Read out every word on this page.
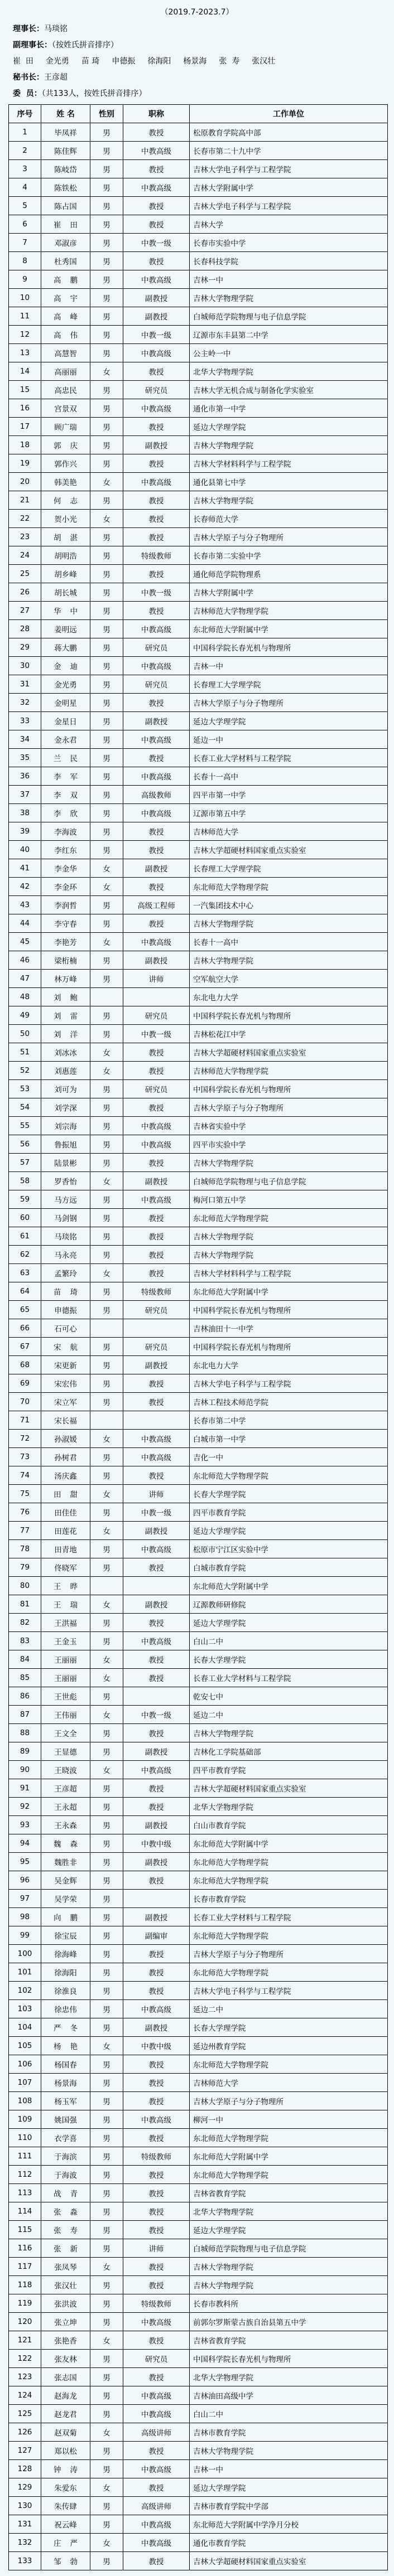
（2019.7-2023.7）
理事长：马琰铭
副理事长：（按姓氏拼音排序）
崔  田 金光勇 苗 琦 申德振 徐海阳 杨景海 张  寿 张汉壮
秘书长：王彦超
委  员：（共133人，按姓氏拼音排序）
序号	姓 名	性别	职称	工作单位
1	毕凤祥	男	教授	松原教育学院高中部
2	陈佳辉	男	中教高级	长春市第二十九中学
3	陈岐岱	男	教授	吉林大学电子科学与工程学院
4	陈铁松	男	中教高级	吉林大学附属中学
5	陈占国	男	教授	吉林大学电子科学与工程学院
6	崔田	男	教授	吉林大学
7	邓淑彦	男	中教一级	长春市实验中学
8	杜秀国	男	教授	长春科技学院
9	高鹏	男	中教高级	吉林一中
10	高宇	男	副教授	吉林大学物理学院
11	高峰	男	副教授	白城师范学院物理与电子信息学院
12	高伟	男	中教一级	辽源市东丰县第二中学
13	高慧智	男	中教高级	公主岭一中
14	高丽丽	女	教授	北华大学物理学院
15	高忠民	男	研究员	吉林大学无机合成与制备化学实验室
16	宫景双	男	中教高级	通化市第一中学
17	顾广瑞	男	教授	延边大学理学院
18	郭庆	男	副教授	吉林大学物理学院
19	郭作兴	男	教授	吉林大学材料科学与工程学院
20	韩美艳	女	中教高级	通化县第七中学
21	何志	男	教授	吉林大学物理学院
22	贺小光	女	教授	长春师范大学
23	胡湛	男	教授	吉林大学原子与分子物理所
24	胡明浩	男	特级教师	长春市第二实验中学
25	胡乡峰	男	教授	通化师范学院物理系
26	胡长城	男	中教一级	吉林大学附属中学
27	华中	男	教授	吉林师范大学物理学院
28	姜明远	男	中教高级	东北师范大学附属中学
29	蒋大鹏	男	研究员	中国科学院长春光机与物理所
30	金迪	男	中教高级	吉林一中
31	金光勇	男	研究员	长春理工大学理学院
32	金明星	男	教授	吉林大学原子与分子物理所
33	金星日	男	副教授	延边大学理学院
34	金永君	男	中教高级	延边一中
35	兰民	男	教授	长春工业大学材料与工程学院
36	李军	男	中教高级	长春十一高中
37	李双	男	高级教师	四平市第一中学
38	李欣	男	中教高级	辽源市第五中学
39	李海波	男	教授	吉林师范大学
40	李红东	男	教授	吉林大学超硬材料国家重点实验室
41	李金华	女	副教授	长春理工大学理学院
42	李金环	女	教授	东北师范大学物理学院
43	李润哲	男	高级工程师	一汽集团技术中心
44	李守春	男	教授	吉林大学物理学院
45	李艳芳	女	中教高级	长春十一高中
46	梁桁楠	男	副教授	吉林大学物理学院
47	林万峰	男	讲师	空军航空大学
48	刘鲍			东北电力大学
49	刘雷	男	研究员	中国科学院长春光机与物理所
50	刘洋	男	中教一级	吉林松花江中学
51	刘冰冰	女	教授	吉林大学超硬材料国家重点实验室
52	刘惠莲	女	教授	吉林师范大学物理学院
53	刘可为	男	研究员	中国科学院长春光机与物理所
54	刘学深	男	教授	吉林大学原子与分子物理所
55	刘宗海	男	中教高级	吉林省实验中学
56	鲁振旭	男	中教高级	四平市实验中学
57	陆景彬	男	教授	吉林大学物理学院
58	罗香怡	女	副教授	白城师范学院物理与电子信息学院
59	马方远	男	中教高级	梅河口第五中学
60	马剑钢	男	教授	东北师范大学物理学院
61	马琰铭	男	教授	吉林大学物理学院
62	马永亮	男	教授	吉林大学物理学院
63	孟繁玲	女	教授	吉林大学材料科学与工程学院
64	苗琦	男	特级教师	东北师范大学附属中学
65	申德振	男	研究员	中国科学院长春光机与物理所
66	石可心			吉林油田十一中学
67	宋航	男	研究员	中国科学院长春光机与物理所
68	宋更新	男	副教授	东北电力大学
69	宋宏伟	男	教授	吉林大学电子科学与工程学院
70	宋立军	男	教授	吉林工程技术师范学院
71	宋长福			长春市第二中学
72	孙淑媛	女	中教高级	白城市第一中学
73	孙树君	男	中教高级	吉化一中
74	汤庆鑫	男	教授	东北师范大学物理学院
75	田甜	女	讲师	长春大学理学院
76	田佳佳	男	中教一级	四平市教育学院
77	田莲花	女	副教授	延边大学理学院
78	田青地	男	中教高级	松原市宁江区实验中学
79	佟晓军	男	教授	白城市教育学院
80	王晔			东北师范大学附属中学
81	王瑞	女	副教授	辽源教师研修院
82	王洪福	男	教授	延边大学理学院
83	王金玉	男	中教高级	白山二中
84	王丽丽	女	教授	长春大学理学院
85	王丽丽	女	教授	长春工业大学材料与工程学院
86	王世彪	男		乾安七中
87	王伟丽	女	中教一级	延边二中
88	王文全	男	教授	吉林大学物理学院
89	王显德	男	副教授	吉林化工学院基础部
90	王晓波	女	中教高级	四平市教育学院
91	王彦超	男	教授	吉林大学超硬材料国家重点实验室
92	王永超	男	教授	北华大学物理学院
93	王永森	男	副教授	白山市教育学院
94	魏森	男	中教中级	东北师范大学附属中学
95	魏胜非	男	副教授	东北师范大学物理学院
96	吴金辉	男	教授	东北师范大学物理学院
97	吴学荣	男		长春市教育学院
98	向鹏	男	副教授	长春工业大学材料与工程学院
99	徐宝辰	男	副编审	东北师范大学物理学院
100	徐海峰	男	教授	吉林大学原子与分子物理所
101	徐海阳	男	教授	东北师范大学物理学院
102	徐淮良	男	教授	吉林大学电子科学与工程学院
103	徐忠伟	男	中教高级	延边二中
104	严冬	男	副教授	长春大学理学院
105	杨艳	女	中教中级	延边州教育学院
106	杨国春	男	教授	东北师范大学物理学院
107	杨景海	男	教授	吉林师范大学
108	杨玉军	男	教授	吉林大学原子与分子物理所
109	姚国强	男	中教高级	柳河一中
110	衣学喜	男	教授	东北师范大学物理学院
111	于海滨	男	特级教师	东北师范大学附属中学
112	于海波	男	教授	东北师范大学物理学院
113	战青	男	教授	吉林省教育学院
114	张淼	男	教授	北华大学物理学院
115	张寿	男	教授	延边大学理学院
116	张新	男	讲师	白城师范学院物理与电子信息学院
117	张凤琴	女	教授	吉林大学物理学院
118	张汉壮	男	教授	吉林大学物理学院
119	张洪波	男	特级教师	长春市教科所
120	张立坤	男	中教高级	前郭尔罗斯蒙古族自治县第五中学
121	张艳香	女	教授	吉林省教育学院
122	张友林	男	研究员	中国科学院长春光机与物理所
123	张志国	男	教授	北华大学物理学院
124	赵海龙	男	中教高级	吉林油田高级中学
125	赵龙君	男	中教高级	白山二中
126	赵双菊	女	高级讲师	吉林市教育学院
127	郑以松	男	教授	吉林大学物理学院
128	钟涛	男	中教高级	吉林一中
129	朱爱东	女	教授	延边大学理学院
130	朱传肆	男	高级讲师	吉林市教育学院中学部
131	祝云峰	男	中教高级	东北师范大学附属中学净月分校
132	庄严	女	中教高级	通化市教育学院
133	邹勃	男	教授	吉林大学超硬材料国家重点实验室
